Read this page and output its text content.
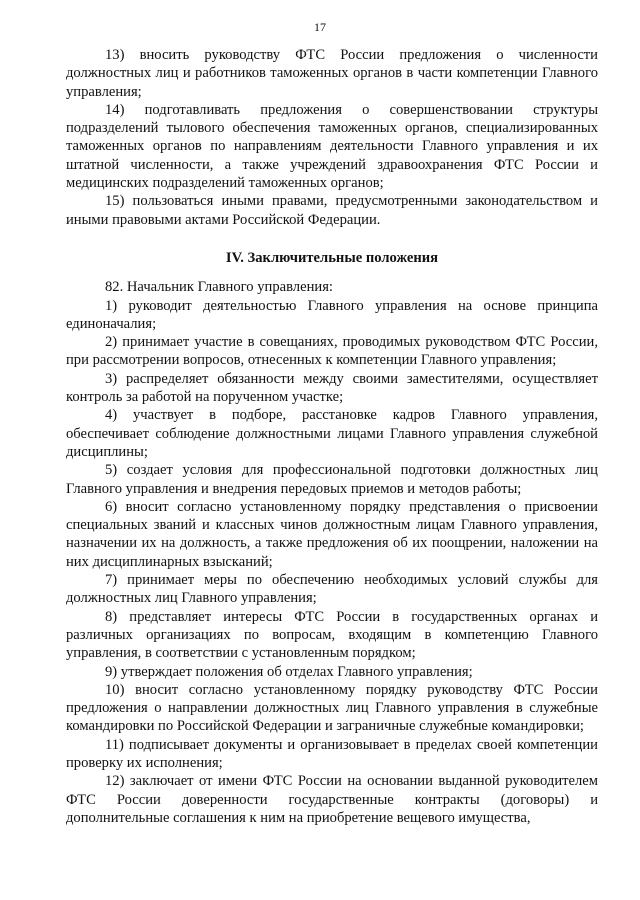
17

13) вносить руководству ФТС России предложения о численности должностных лиц и работников таможенных органов в части компетенции Главного управления;

14) подготавливать предложения о совершенствовании структуры подразделений тылового обеспечения таможенных органов, специализированных таможенных органов по направлениям деятельности Главного управления и их штатной численности, а также учреждений здравоохранения ФТС России и медицинских подразделений таможенных органов;

15) пользоваться иными правами, предусмотренными законодательством и иными правовыми актами Российской Федерации.

IV. Заключительные положения

82. Начальник Главного управления:

1) руководит деятельностью Главного управления на основе принципа единоначалия;

2) принимает участие в совещаниях, проводимых руководством ФТС России, при рассмотрении вопросов, отнесенных к компетенции Главного управления;

3) распределяет обязанности между своими заместителями, осуществляет контроль за работой на порученном участке;

4) участвует в подборе, расстановке кадров Главного управления, обеспечивает соблюдение должностными лицами Главного управления служебной дисциплины;

5) создает условия для профессиональной подготовки должностных лиц Главного управления и внедрения передовых приемов и методов работы;

6) вносит согласно установленному порядку представления о присвоении специальных званий и классных чинов должностным лицам Главного управления, назначении их на должность, а также предложения об их поощрении, наложении на них дисциплинарных взысканий;

7) принимает меры по обеспечению необходимых условий службы для должностных лиц Главного управления;

8) представляет интересы ФТС России в государственных органах и различных организациях по вопросам, входящим в компетенцию Главного управления, в соответствии с установленным порядком;

9) утверждает положения об отделах Главного управления;

10) вносит согласно установленному порядку руководству ФТС России предложения о направлении должностных лиц Главного управления в служебные командировки по Российской Федерации и заграничные служебные командировки;

11) подписывает документы и организовывает в пределах своей компетенции проверку их исполнения;

12) заключает от имени ФТС России на основании выданной руководителем ФТС России доверенности государственные контракты (договоры) и дополнительные соглашения к ним на приобретение вещевого имущества,
